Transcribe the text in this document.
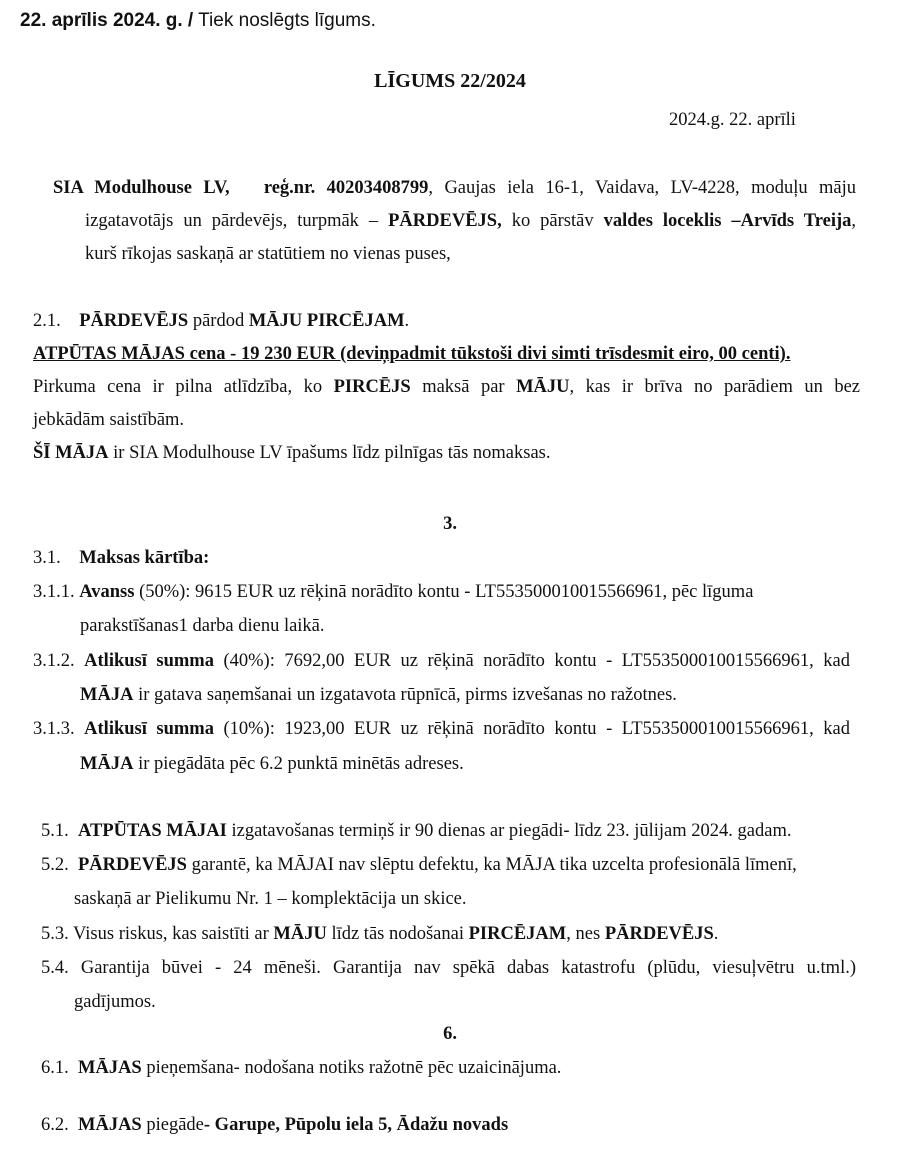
22. aprīlis 2024. g. / Tiek noslēgts līgums.
LĪGUMS 22/2024
2024.g. 22. aprīli
SIA Modulhouse LV, reģ.nr. 40203408799, Gaujas iela 16-1, Vaidava, LV-4228, moduļu māju
izgatavotājs un pārdevējs, turpmāk – PĀRDEVĒJS, ko pārstāv valdes loceklis –Arvīds Treija,
kurš rīkojas saskaņā ar statūtiem no vienas puses,
2.1. PĀRDEVĒJS pārdod MĀJU PIRCĒJAM.
ATPŪTAS MĀJAS cena - 19 230 EUR (deviņpadmit tūkstoši divi simti trīsdesmit eiro, 00 centi).
Pirkuma cena ir pilna atlīdzība, ko PIRCĒJS maksā par MĀJU, kas ir brīva no parādiem un bez
jebkādām saistībām.
ŠĪ MĀJA ir SIA Modulhouse LV īpašums līdz pilnīgas tās nomaksas.
3.
3.1. Maksas kārtība:
3.1.1. Avanss (50%): 9615 EUR uz rēķinā norādīto kontu - LT553500010015566961, pēc līguma
parakstīšanas1 darba dienu laikā.
3.1.2. Atlikusī summa (40%): 7692,00 EUR uz rēķinā norādīto kontu - LT553500010015566961, kad
MĀJA ir gatava saņemšanai un izgatavota rūpnīcā, pirms izvešanas no ražotnes.
3.1.3. Atlikusī summa (10%): 1923,00 EUR uz rēķinā norādīto kontu - LT553500010015566961, kad
MĀJA ir piegādāta pēc 6.2 punktā minētās adreses.
5.1. ATPŪTAS MĀJAI izgatavošanas termiņš ir 90 dienas ar piegādi- līdz 23. jūlijam 2024. gadam.
5.2. PĀRDEVĒJS garantē, ka MĀJAI nav slēptu defektu, ka MĀJA tika uzcelta profesionālā līmenī,
saskaņā ar Pielikumu Nr. 1 – komplektācija un skice.
5.3. Visus riskus, kas saistīti ar MĀJU līdz tās nodošanai PIRCĒJAM, nes PĀRDEVĒJS.
5.4. Garantija būvei - 24 mēneši. Garantija nav spēkā dabas katastrofu (plūdu, viesuļvētru u.tml.)
gadījumos.
6.
6.1. MĀJAS pieņemšana- nodošana notiks ražotnē pēc uzaicinājuma.
6.2. MĀJAS piegāde- Garupe, Pūpolu iela 5, Ādažu novads
